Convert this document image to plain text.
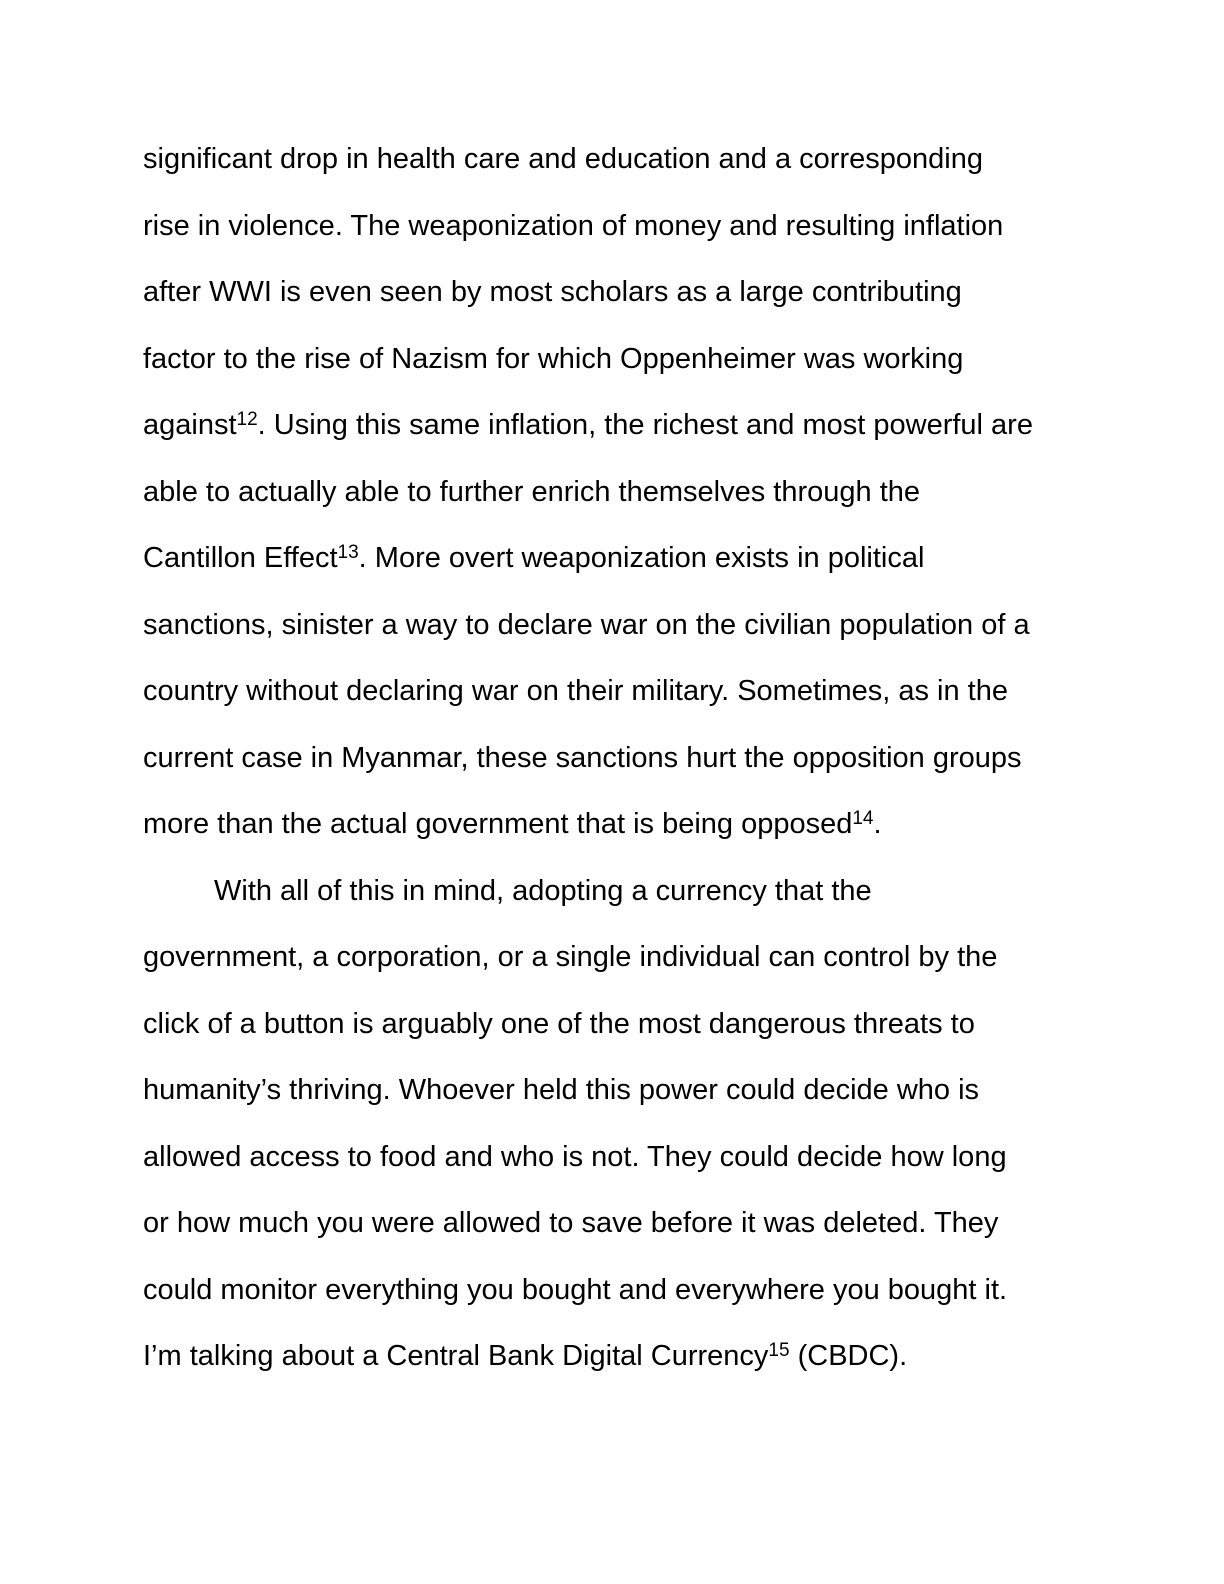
significant drop in health care and education and a corresponding
rise in violence. The weaponization of money and resulting inflation
after WWI is even seen by most scholars as a large contributing
factor to the rise of Nazism for which Oppenheimer was working
against$^{12}$. Using this same inflation, the richest and most powerful are
able to actually able to further enrich themselves through the
Cantillon Effect$^{13}$. More overt weaponization exists in political
sanctions, sinister a way to declare war on the civilian population of a
country without declaring war on their military. Sometimes, as in the
current case in Myanmar, these sanctions hurt the opposition groups
more than the actual government that is being opposed$^{14}$.
With all of this in mind, adopting a currency that the
government, a corporation, or a single individual can control by the
click of a button is arguably one of the most dangerous threats to
humanity’s thriving. Whoever held this power could decide who is
allowed access to food and who is not. They could decide how long
or how much you were allowed to save before it was deleted. They
could monitor everything you bought and everywhere you bought it.
I’m talking about a Central Bank Digital Currency$^{15}$ (CBDC).
